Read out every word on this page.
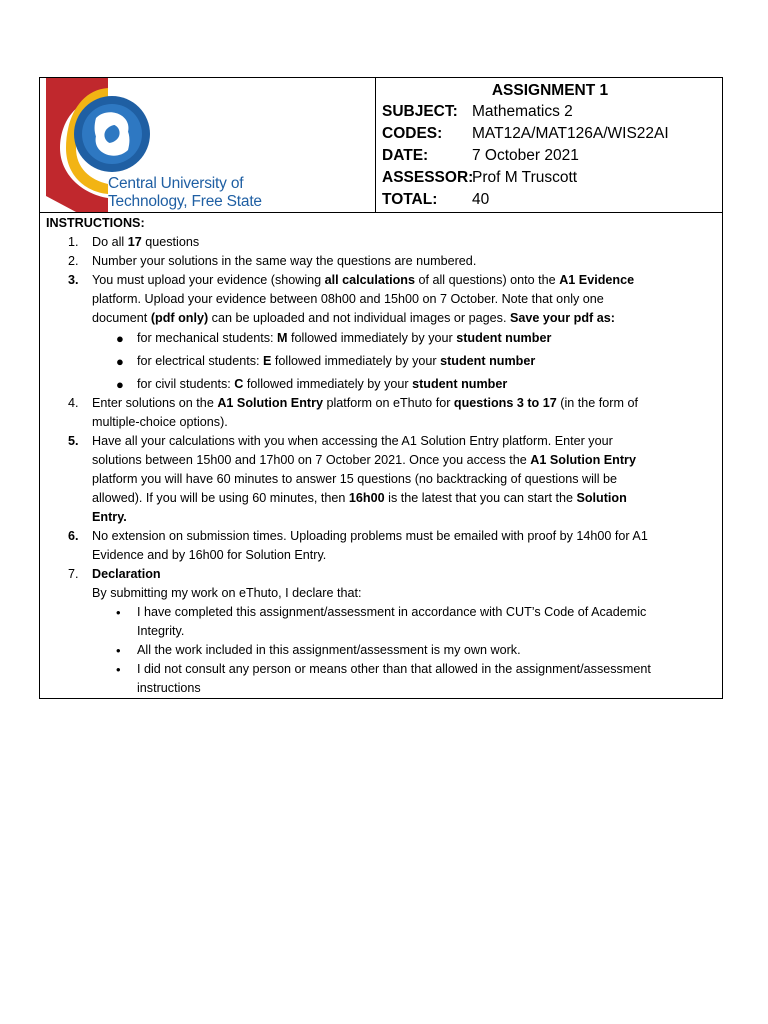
Central University of
Technology, Free State
ASSIGNMENT 1
SUBJECT: Mathematics 2
CODES: MAT12A/MAT126A/WIS22AI
DATE:	7 October 2021
ASSESSOR:
Prof M Truscott
TOTAL: 40
INSTRUCTIONS:
1. Do all 17 questions
2. Number your solutions in the same way the questions are numbered.
3. You must upload your evidence (showing all calculations of all questions) onto the A1 Evidence
platform. Upload your evidence between 08h00 and 15h00 on 7 October. Note that only one
document (pdf only) can be uploaded and not individual images or pages. Save your pdf as:
● for mechanical students: M followed immediately by your student number
● for electrical students: E followed immediately by your student number
● for civil students: C followed immediately by your student number
4. Enter solutions on the A1 Solution Entry platform on eThuto for questions 3 to 17 (in the form of
multiple-choice options).
5. Have all your calculations with you when accessing the A1 Solution Entry platform. Enter your
solutions between 15h00 and 17h00 on 7 October 2021. Once you access the A1 Solution Entry
platform you will have 60 minutes to answer 15 questions (no backtracking of questions will be
allowed). If you will be using 60 minutes, then 16h00 is the latest that you can start the Solution
Entry.
6. No extension on submission times. Uploading problems must be emailed with proof by 14h00 for A1
Evidence and by 16h00 for Solution Entry.
7. Declaration
By submitting my work on eThuto, I declare that:
• I have completed this assignment/assessment in accordance with CUT’s Code of Academic
Integrity.
• All the work included in this assignment/assessment is my own work.
• I did not consult any person or means other than that allowed in the assignment/assessment
instructions
